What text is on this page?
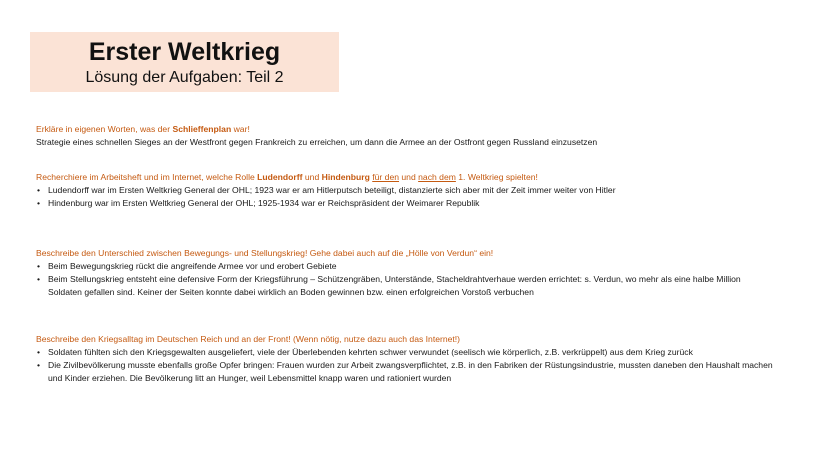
Erster Weltkrieg
Lösung der Aufgaben: Teil 2
Erkläre in eigenen Worten, was der Schlieffenplan war!
Strategie eines schnellen Sieges an der Westfront gegen Frankreich zu erreichen, um dann die Armee an der Ostfront gegen Russland einzusetzen
Recherchiere im Arbeitsheft und im Internet, welche Rolle Ludendorff und Hindenburg für den und nach dem 1. Weltkrieg spielten!
• Ludendorff war im Ersten Weltkrieg General der OHL; 1923 war er am Hitlerputsch beteiligt, distanzierte sich aber mit der Zeit immer weiter von Hitler
• Hindenburg war im Ersten Weltkrieg General der OHL; 1925-1934 war er Reichspräsident der Weimarer Republik
Beschreibe den Unterschied zwischen Bewegungs- und Stellungskrieg! Gehe dabei auch auf die „Hölle von Verdun“ ein!
• Beim Bewegungskrieg rückt die angreifende Armee vor und erobert Gebiete
• Beim Stellungskrieg entsteht eine defensive Form der Kriegsführung – Schützengräben, Unterstände, Stacheldrahtverhaue werden errichtet: s. Verdun, wo mehr als eine halbe Million Soldaten gefallen sind. Keiner der Seiten konnte dabei wirklich an Boden gewinnen bzw. einen erfolgreichen Vorstoß verbuchen
Beschreibe den Kriegsalltag im Deutschen Reich und an der Front! (Wenn nötig, nutze dazu auch das Internet!)
• Soldaten fühlten sich den Kriegsgewalten ausgeliefert, viele der Überlebenden kehrten schwer verwundet (seelisch wie körperlich, z.B. verkrüppelt) aus dem Krieg zurück
• Die Zivilbevölkerung musste ebenfalls große Opfer bringen: Frauen wurden zur Arbeit zwangsverpflichtet, z.B. in den Fabriken der Rüstungsindustrie, mussten daneben den Haushalt machen und Kinder erziehen. Die Bevölkerung litt an Hunger, weil Lebensmittel knapp waren und rationiert wurden
